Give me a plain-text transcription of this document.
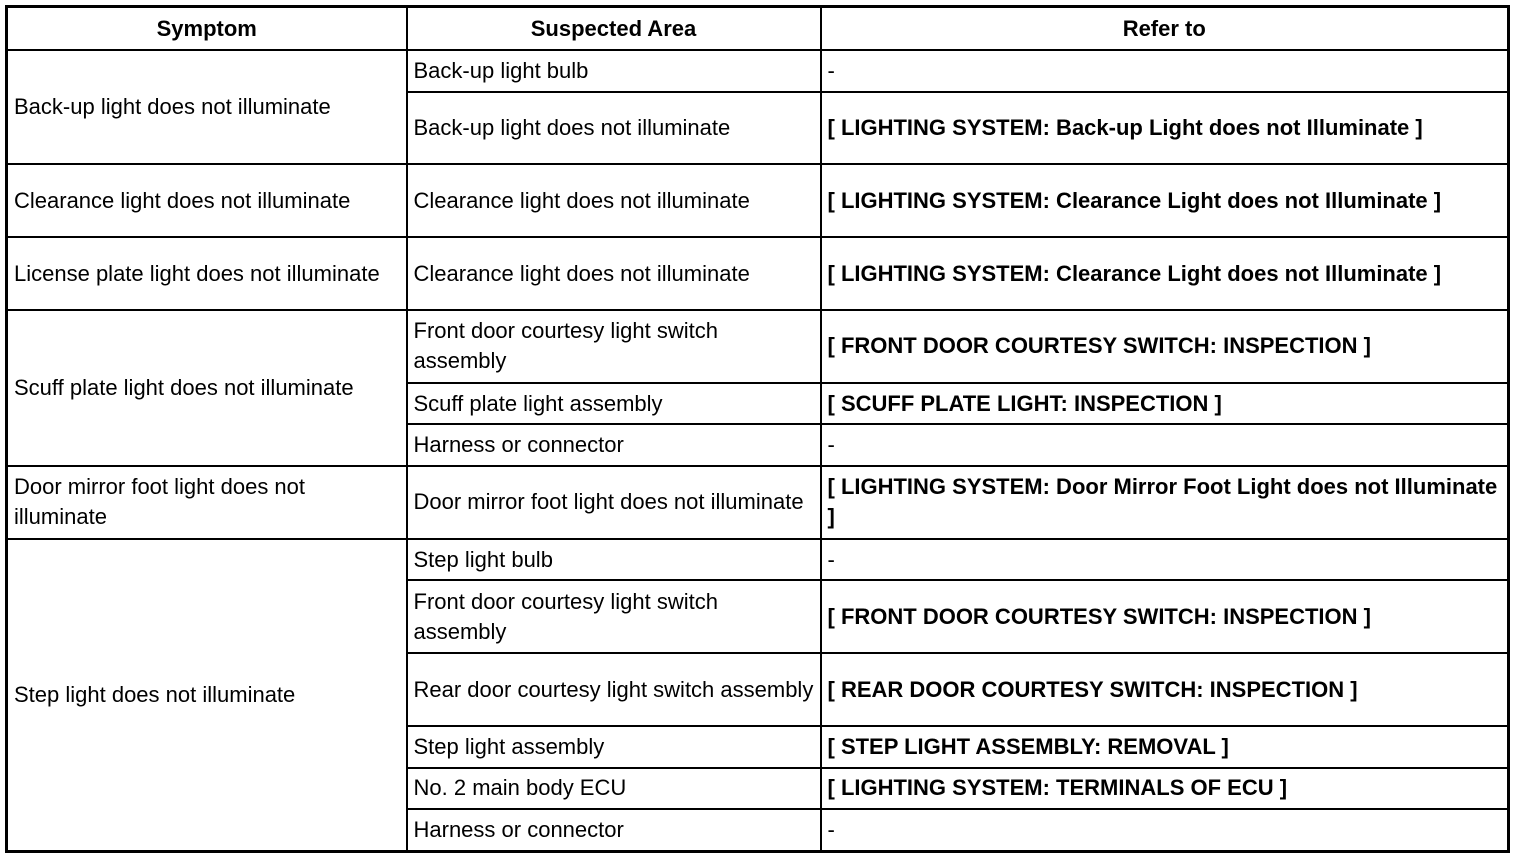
Symptom	Suspected Area	Refer to
Back-up light does not illuminate	Back-up light bulb	-
	Back-up light does not illuminate	[ LIGHTING SYSTEM: Back-up Light does not Illuminate ]
Clearance light does not illuminate	Clearance light does not illuminate	[ LIGHTING SYSTEM: Clearance Light does not Illuminate ]
License plate light does not illuminate	Clearance light does not illuminate	[ LIGHTING SYSTEM: Clearance Light does not Illuminate ]
Scuff plate light does not illuminate	Front door courtesy light switch assembly	[ FRONT DOOR COURTESY SWITCH: INSPECTION ]
	Scuff plate light assembly	[ SCUFF PLATE LIGHT: INSPECTION ]
	Harness or connector	-
Door mirror foot light does not illuminate	Door mirror foot light does not illuminate	[ LIGHTING SYSTEM: Door Mirror Foot Light does not Illuminate ]
Step light does not illuminate	Step light bulb	-
	Front door courtesy light switch assembly	[ FRONT DOOR COURTESY SWITCH: INSPECTION ]
	Rear door courtesy light switch assembly	[ REAR DOOR COURTESY SWITCH: INSPECTION ]
	Step light assembly	[ STEP LIGHT ASSEMBLY: REMOVAL ]
	No. 2 main body ECU	[ LIGHTING SYSTEM: TERMINALS OF ECU ]
	Harness or connector	-
